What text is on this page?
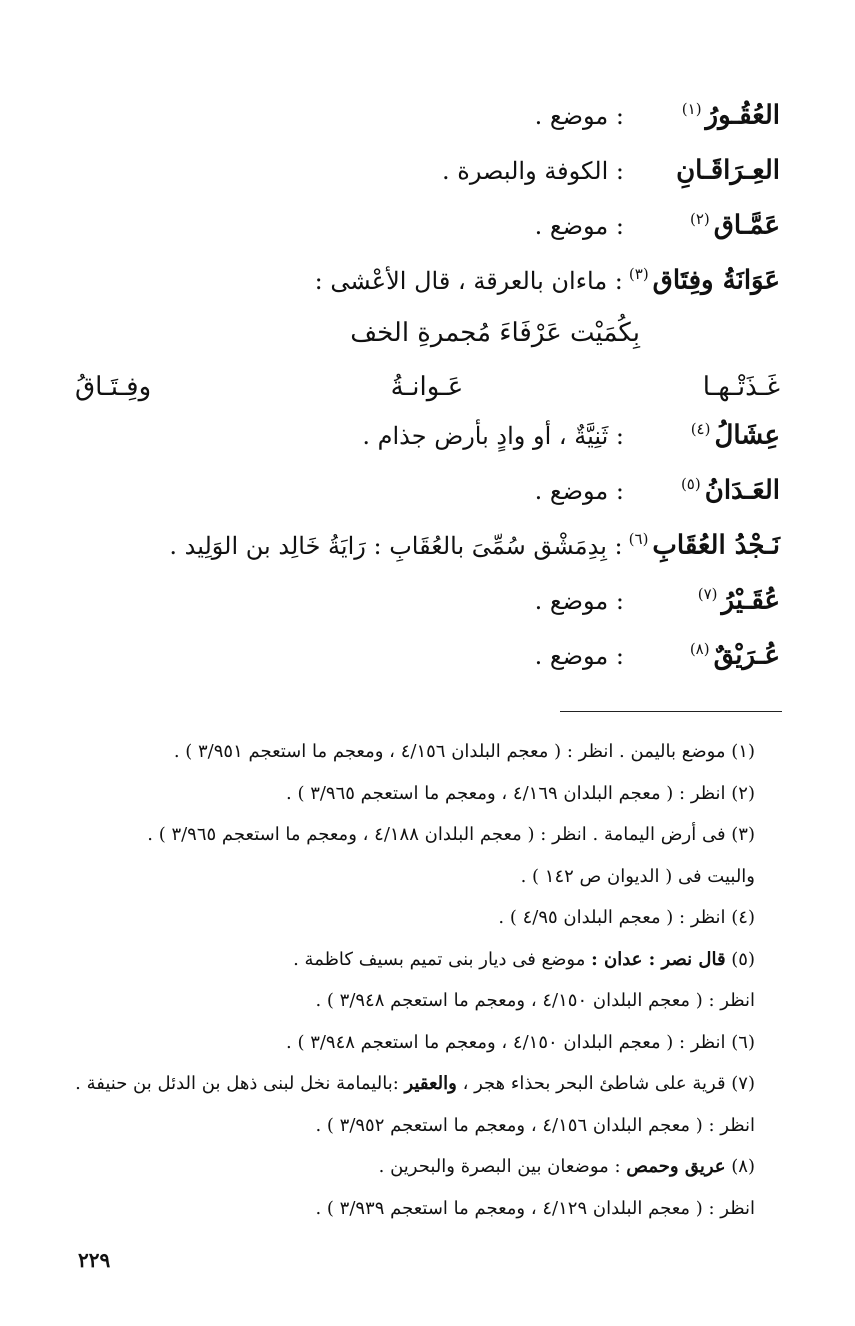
العُقُـورُ$^{(١)}$
: موضع .
العِـرَاقَـانِ
: الكوفة والبصرة .
عَمَّـاق$^{(٢)}$
: موضع .
عَوَانَةُ وفِتَاق$^{(٣)}$
: ماءان بالعرقة ، قال الأعْشى :
بِكُمَيْت عَرْفَاءَ مُجمرةِ الخف
غَـذَتْـهـا عَـوانـةُ وفِـتَـاقُ
عِشَالُ$^{(٤)}$
: ثَنِيَّةٌ ، أو وادٍ بأرض جذام .
العَـدَانُ$^{(٥)}$
: موضع .
نَـجْدُ العُقَابِ$^{(٦)}$
: بِدِمَشْق سُمِّىَ بالعُقَابِ : رَايَةُ خَالِد بن الوَلِيد .
عُقَـيْرُ$^{(٧)}$
: موضع .
عُـرَيْقٌ$^{(٨)}$
: موضع .
(١) موضع باليمن . انظر : ( معجم البلدان ٤/١٥٦ ، ومعجم ما استعجم ٣/٩٥١ ) .
(٢) انظر : ( معجم البلدان ٤/١٦٩ ، ومعجم ما استعجم ٣/٩٦٥ ) .
(٣) فى أرض اليمامة . انظر : ( معجم البلدان ٤/١٨٨ ، ومعجم ما استعجم ٣/٩٦٥ ) .
والبيت فى ( الديوان ص ١٤٢ ) .
(٤) انظر : ( معجم البلدان ٤/٩٥ ) .
(٥) قال نصر : عدان : موضع فى ديار بنى تميم بسيف كاظمة .
انظر : ( معجم البلدان ٤/١٥٠ ، ومعجم ما استعجم ٣/٩٤٨ ) .
(٦) انظر : ( معجم البلدان ٤/١٥٠ ، ومعجم ما استعجم ٣/٩٤٨ ) .
(٧) قرية على شاطئ البحر بحذاء هجر ، والعقير :باليمامة نخل لبنى ذهل بن الدئل بن حنيفة .
انظر : ( معجم البلدان ٤/١٥٦ ، ومعجم ما استعجم ٣/٩٥٢ ) .
(٨) عريق وحمص : موضعان بين البصرة والبحرين .
انظر : ( معجم البلدان ٤/١٢٩ ، ومعجم ما استعجم ٣/٩٣٩ ) .
٢٢٩
